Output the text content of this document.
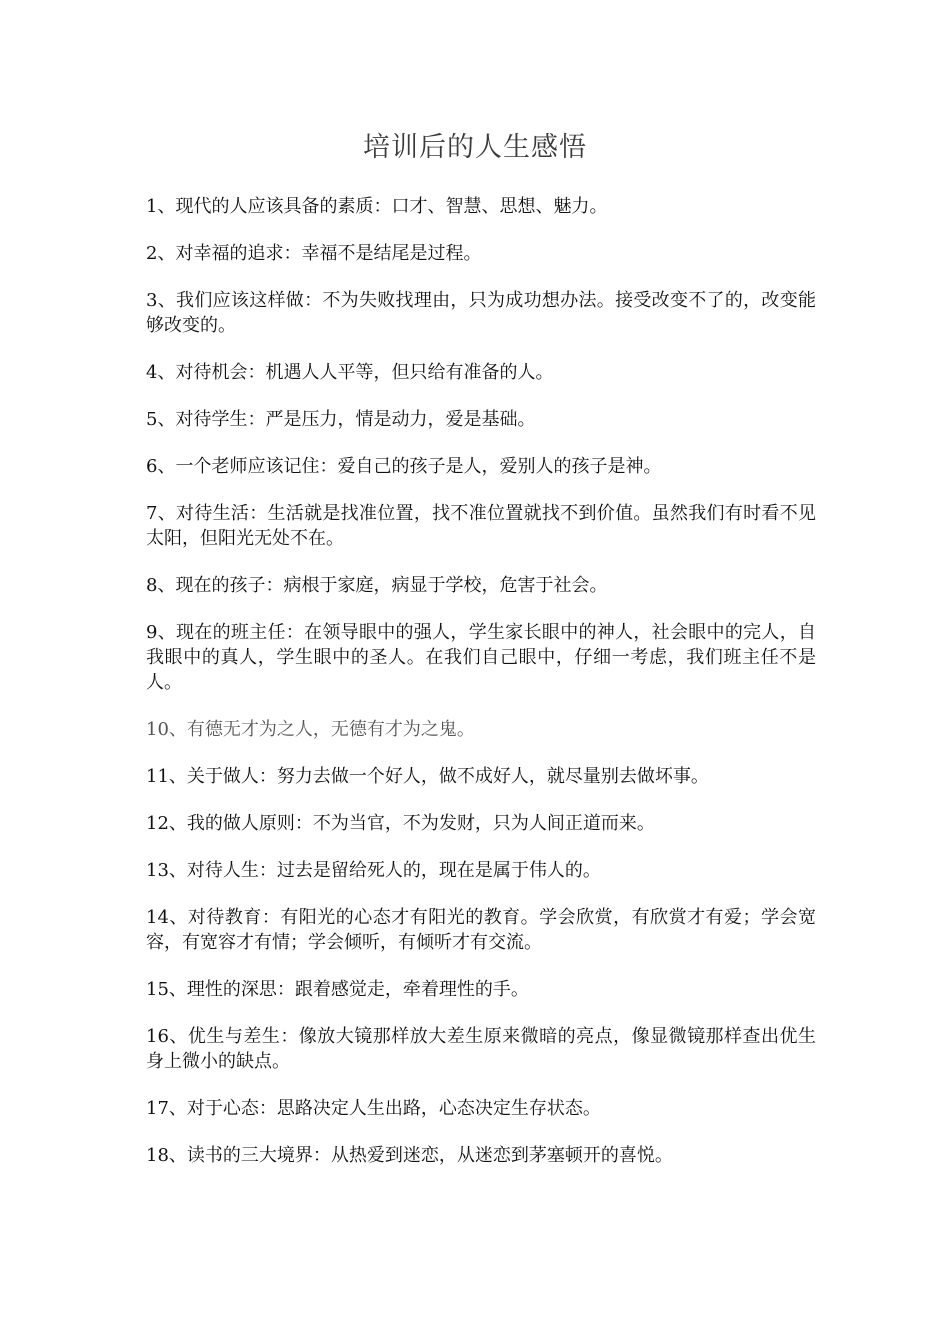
培训后的人生感悟
1、现代的人应该具备的素质：口才、智慧、思想、魅力。
2、对幸福的追求：幸福不是结尾是过程。
3、我们应该这样做：不为失败找理由，只为成功想办法。接受改变不了的，改变能够改变的。
4、对待机会：机遇人人平等，但只给有准备的人。
5、对待学生：严是压力，情是动力，爱是基础。
6、一个老师应该记住：爱自己的孩子是人，爱别人的孩子是神。
7、对待生活：生活就是找准位置，找不准位置就找不到价值。虽然我们有时看不见太阳，但阳光无处不在。
8、现在的孩子：病根于家庭，病显于学校，危害于社会。
9、现在的班主任：在领导眼中的强人，学生家长眼中的神人，社会眼中的完人，自我眼中的真人，学生眼中的圣人。在我们自己眼中，仔细一考虑，我们班主任不是人。
10、有德无才为之人，无德有才为之鬼。
11、关于做人：努力去做一个好人，做不成好人，就尽量别去做坏事。
12、我的做人原则：不为当官，不为发财，只为人间正道而来。
13、对待人生：过去是留给死人的，现在是属于伟人的。
14、对待教育：有阳光的心态才有阳光的教育。学会欣赏，有欣赏才有爱；学会宽容，有宽容才有情；学会倾听，有倾听才有交流。
15、理性的深思：跟着感觉走，牵着理性的手。
16、优生与差生：像放大镜那样放大差生原来微暗的亮点，像显微镜那样查出优生身上微小的缺点。
17、对于心态：思路决定人生出路，心态决定生存状态。
18、读书的三大境界：从热爱到迷恋，从迷恋到茅塞顿开的喜悦。
